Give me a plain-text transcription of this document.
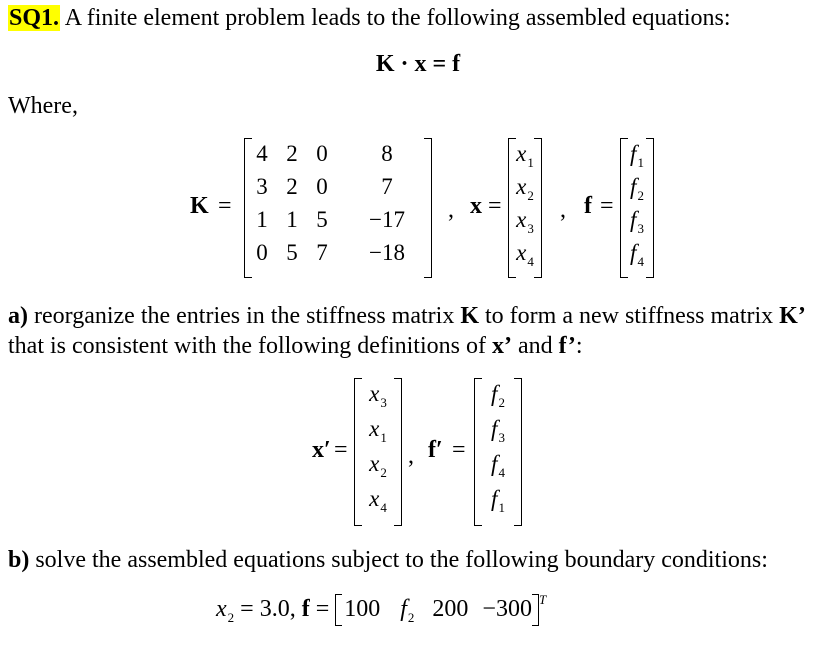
SQ1. A finite element problem leads to the following assembled equations:
K · x = f
Where,
K =
4 2 0	8
3 2 0	7
1 1 5	−17
0 5 7	−18
, x =
$x_1$
$x_2$
$x_3$
$x_4$
, f =
$f_1$
$f_2$
$f_3$
$f_4$
a) reorganize the entries in the stiffness matrix K to form a new stiffness matrix K’
that is consistent with the following definitions of x’ and f’:
x′ =
$x_3$
$x_1$
$x_2$
$x_4$
, f′ =
$f_2$
$f_3$
$f_4$
$f_1$
b) solve the assembled equations subject to the following boundary conditions:
$x_2 = 3.0$, f = 100 $f_2$ 200 −300 $^T$
